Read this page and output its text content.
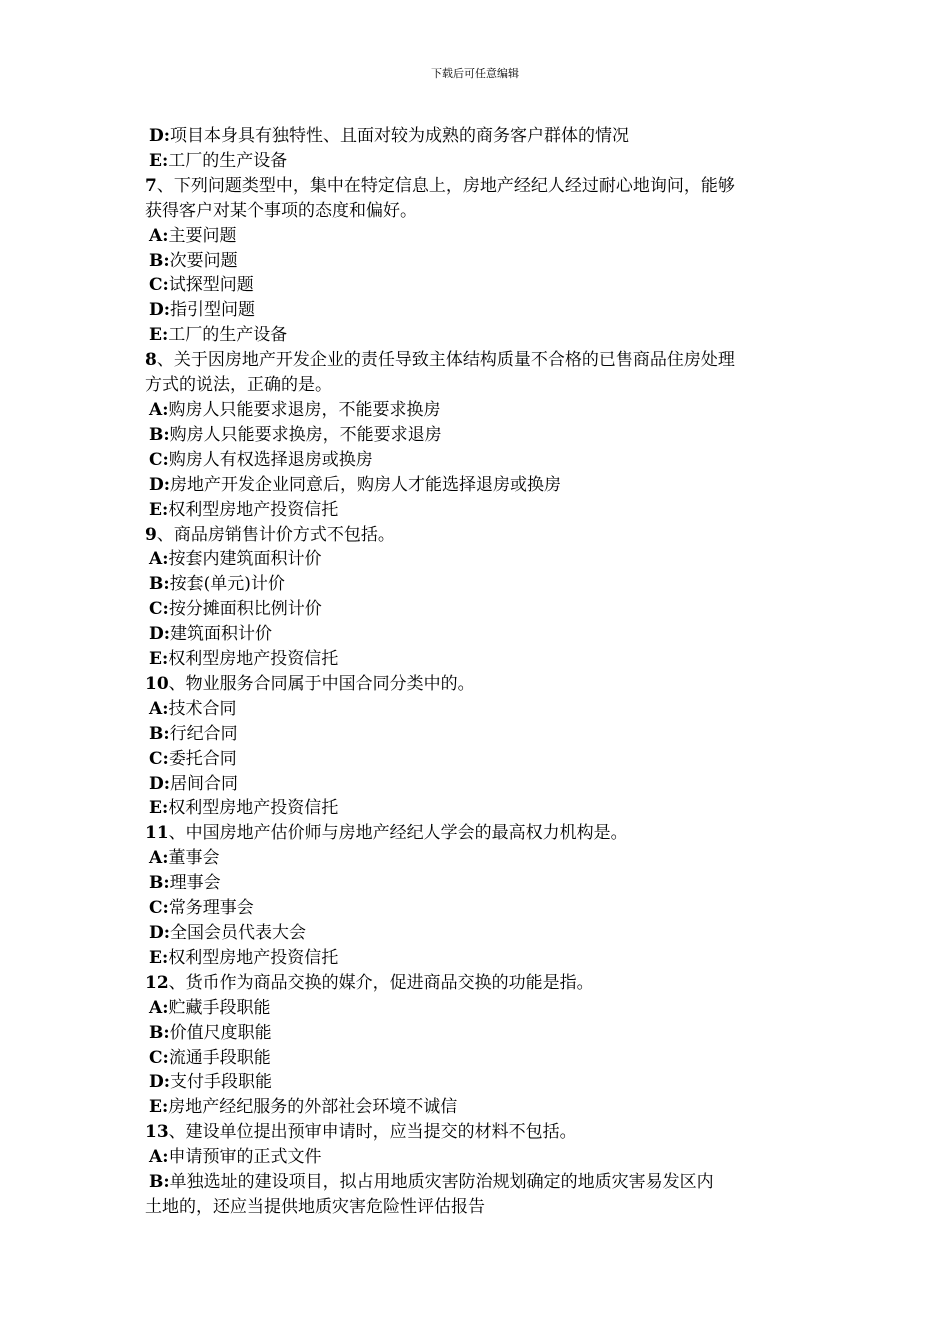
下载后可任意编辑
D:项目本身具有独特性、且面对较为成熟的商务客户群体的情况
E:工厂的生产设备
7、下列问题类型中，集中在特定信息上，房地产经纪人经过耐心地询问，能够
获得客户对某个事项的态度和偏好。
A:主要问题
B:次要问题
C:试探型问题
D:指引型问题
E:工厂的生产设备
8、关于因房地产开发企业的责任导致主体结构质量不合格的已售商品住房处理
方式的说法，正确的是。
A:购房人只能要求退房，不能要求换房
B:购房人只能要求换房，不能要求退房
C:购房人有权选择退房或换房
D:房地产开发企业同意后，购房人才能选择退房或换房
E:权利型房地产投资信托
9、商品房销售计价方式不包括。
A:按套内建筑面积计价
B:按套(单元)计价
C:按分摊面积比例计价
D:建筑面积计价
E:权利型房地产投资信托
10、物业服务合同属于中国合同分类中的。
A:技术合同
B:行纪合同
C:委托合同
D:居间合同
E:权利型房地产投资信托
11、中国房地产估价师与房地产经纪人学会的最高权力机构是。
A:董事会
B:理事会
C:常务理事会
D:全国会员代表大会
E:权利型房地产投资信托
12、货币作为商品交换的媒介，促进商品交换的功能是指。
A:贮藏手段职能
B:价值尺度职能
C:流通手段职能
D:支付手段职能
E:房地产经纪服务的外部社会环境不诚信
13、建设单位提出预审申请时，应当提交的材料不包括。
A:申请预审的正式文件
B:单独选址的建设项目，拟占用地质灾害防治规划确定的地质灾害易发区内
土地的，还应当提供地质灾害危险性评估报告
